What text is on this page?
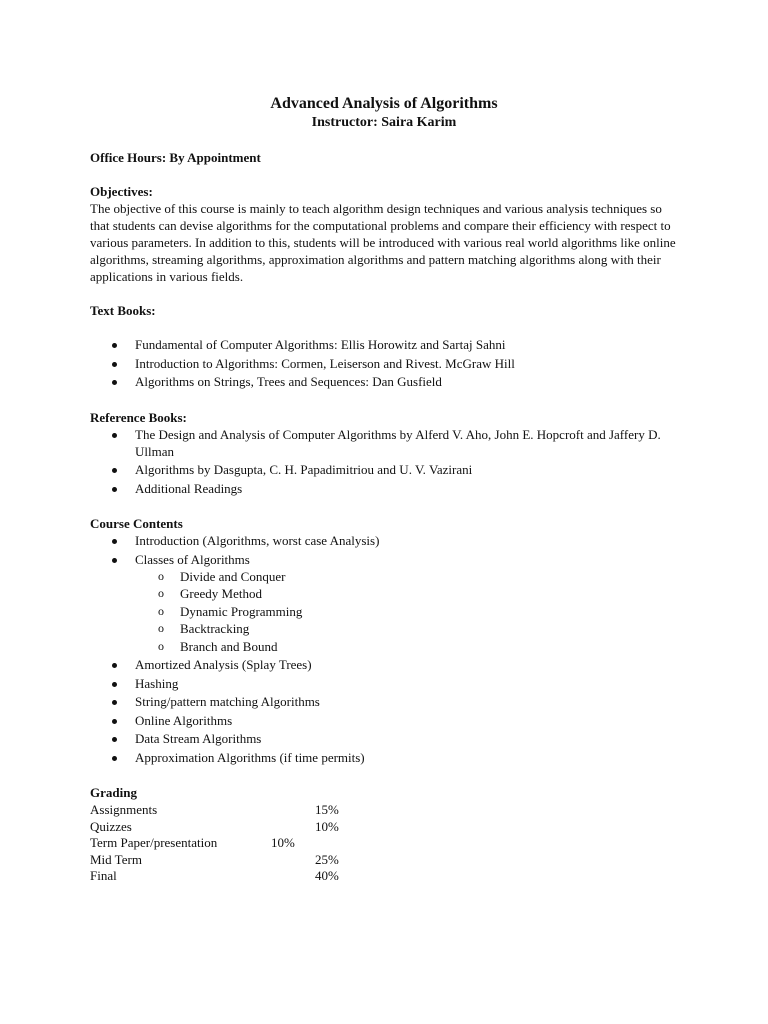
Advanced Analysis of Algorithms
Instructor: Saira Karim

Office Hours: By Appointment

Objectives:

The objective of this course is mainly to teach algorithm design techniques and various analysis techniques so that students can devise algorithms for the computational problems and compare their efficiency with respect to various parameters. In addition to this, students will be introduced with various real world algorithms like online algorithms, streaming algorithms, approximation algorithms and pattern matching algorithms along with their applications in various fields.

Text Books:

Fundamental of Computer Algorithms: Ellis Horowitz and Sartaj Sahni
Introduction to Algorithms: Cormen, Leiserson and Rivest. McGraw Hill
Algorithms on Strings, Trees and Sequences: Dan Gusfield

Reference Books:

The Design and Analysis of Computer Algorithms by Alferd V. Aho, John E. Hopcroft and Jaffery D. Ullman
Algorithms by Dasgupta, C. H. Papadimitriou and U. V. Vazirani
Additional Readings

Course Contents

Introduction (Algorithms, worst case Analysis)
Classes of Algorithms
o Divide and Conquer
o Greedy Method
o Dynamic Programming
o Backtracking
o Branch and Bound
Amortized Analysis (Splay Trees)
Hashing
String/pattern matching Algorithms
Online Algorithms
Data Stream Algorithms
Approximation Algorithms (if time permits)

Grading

Assignments	15%
Quizzes	10%
Term Paper/presentation	10%
Mid Term	25%
Final	40%
